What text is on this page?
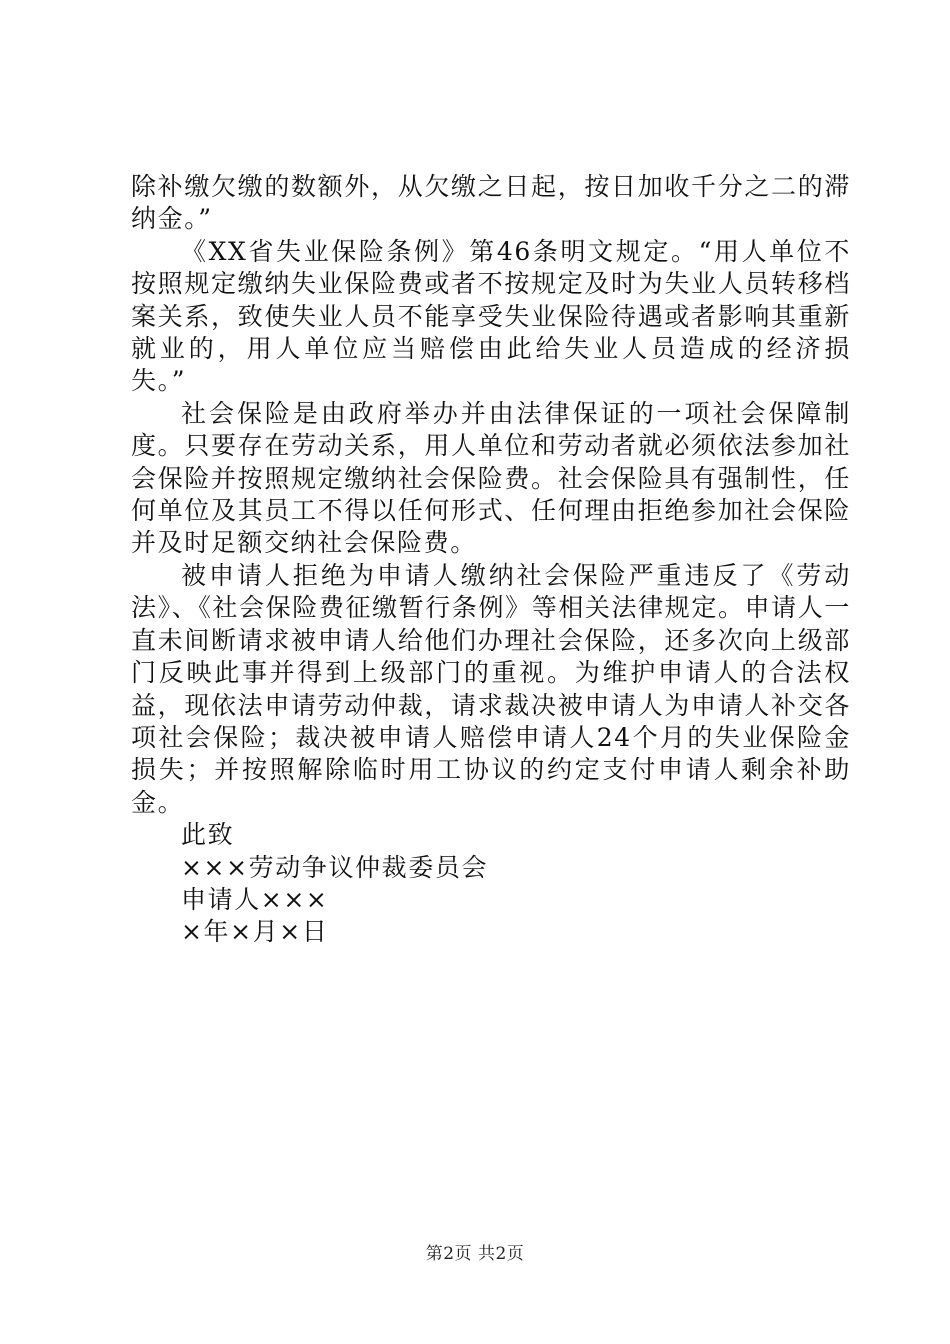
除补缴欠缴的数额外，从欠缴之日起，按日加收千分之二的滞纳金。”

《XX省失业保险条例》第46条明文规定。“用人单位不按照规定缴纳失业保险费或者不按规定及时为失业人员转移档案关系，致使失业人员不能享受失业保险待遇或者影响其重新就业的，用人单位应当赔偿由此给失业人员造成的经济损失。”

社会保险是由政府举办并由法律保证的一项社会保障制度。只要存在劳动关系，用人单位和劳动者就必须依法参加社会保险并按照规定缴纳社会保险费。社会保险具有强制性，任何单位及其员工不得以任何形式、任何理由拒绝参加社会保险并及时足额交纳社会保险费。

被申请人拒绝为申请人缴纳社会保险严重违反了《劳动法》、《社会保险费征缴暂行条例》等相关法律规定。申请人一直未间断请求被申请人给他们办理社会保险，还多次向上级部门反映此事并得到上级部门的重视。为维护申请人的合法权益，现依法申请劳动仲裁，请求裁决被申请人为申请人补交各项社会保险；裁决被申请人赔偿申请人24个月的失业保险金损失；并按照解除临时用工协议的约定支付申请人剩余补助金。

此致

×××劳动争议仲裁委员会

申请人×××

×年×月×日

第2页 共2页
